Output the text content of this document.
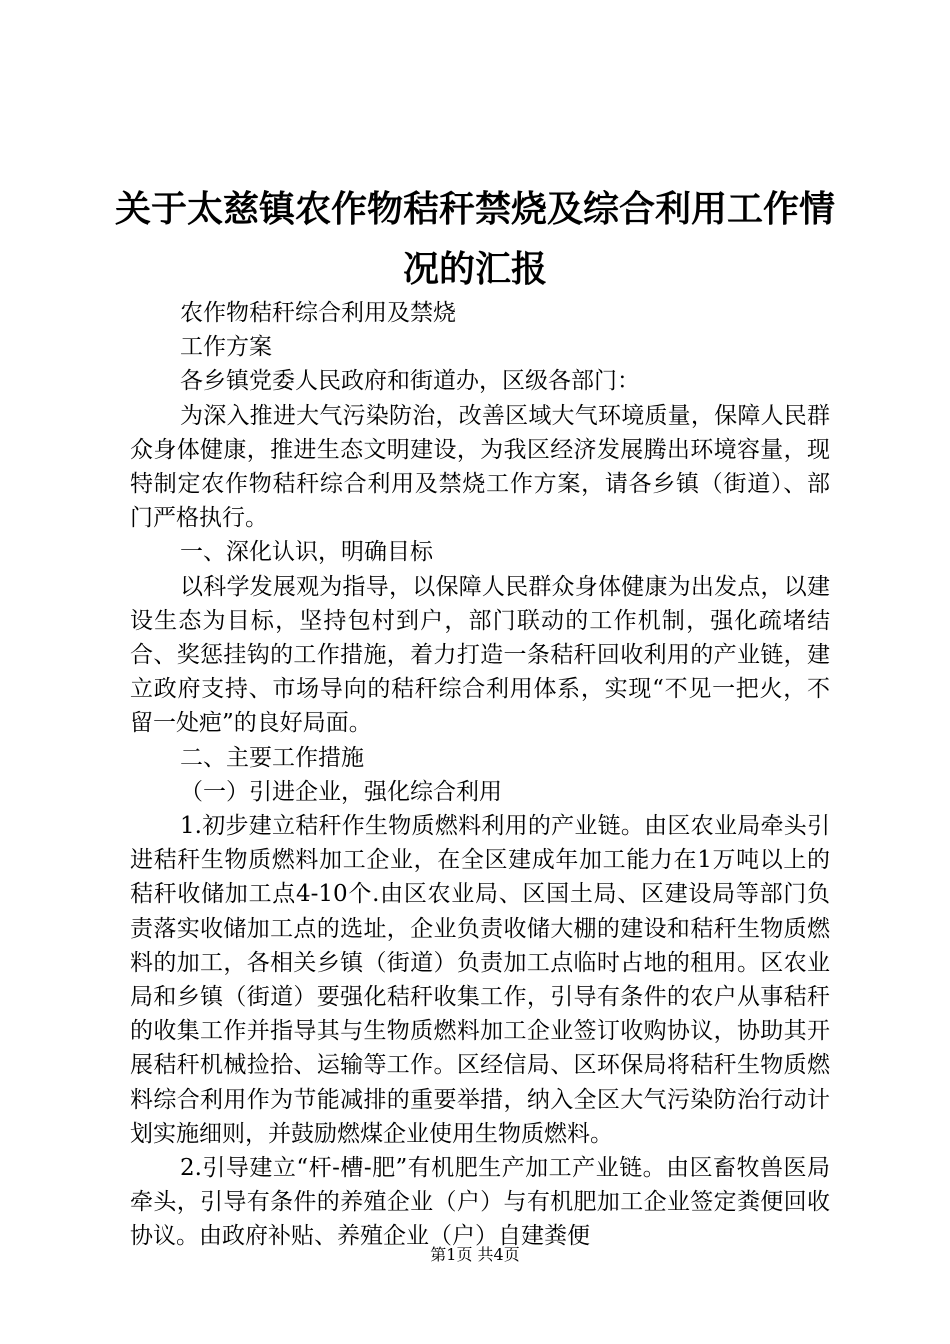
关于太慈镇农作物秸秆禁烧及综合利用工作情
况的汇报

农作物秸秆综合利用及禁烧

工作方案

各乡镇党委人民政府和街道办，区级各部门：

为深入推进大气污染防治，改善区域大气环境质量，保障人民群众身体健康，推进生态文明建设，为我区经济发展腾出环境容量，现特制定农作物秸秆综合利用及禁烧工作方案，请各乡镇（街道）、部门严格执行。

一、深化认识，明确目标

以科学发展观为指导，以保障人民群众身体健康为出发点，以建设生态为目标，坚持包村到户，部门联动的工作机制，强化疏堵结合、奖惩挂钩的工作措施，着力打造一条秸秆回收利用的产业链，建立政府支持、市场导向的秸秆综合利用体系，实现“不见一把火，不留一处疤”的良好局面。

二、主要工作措施

（一）引进企业，强化综合利用

1.初步建立秸秆作生物质燃料利用的产业链。由区农业局牵头引进秸秆生物质燃料加工企业，在全区建成年加工能力在1万吨以上的秸秆收储加工点4-10个.由区农业局、区国土局、区建设局等部门负责落实收储加工点的选址，企业负责收储大棚的建设和秸秆生物质燃料的加工，各相关乡镇（街道）负责加工点临时占地的租用。区农业局和乡镇（街道）要强化秸秆收集工作，引导有条件的农户从事秸秆的收集工作并指导其与生物质燃料加工企业签订收购协议，协助其开展秸秆机械捡拾、运输等工作。区经信局、区环保局将秸秆生物质燃料综合利用作为节能减排的重要举措，纳入全区大气污染防治行动计划实施细则，并鼓励燃煤企业使用生物质燃料。

2.引导建立“杆-槽-肥”有机肥生产加工产业链。由区畜牧兽医局牵头，引导有条件的养殖企业（户）与有机肥加工企业签定粪便回收协议。由政府补贴、养殖企业（户）自建粪便

第1页 共4页
